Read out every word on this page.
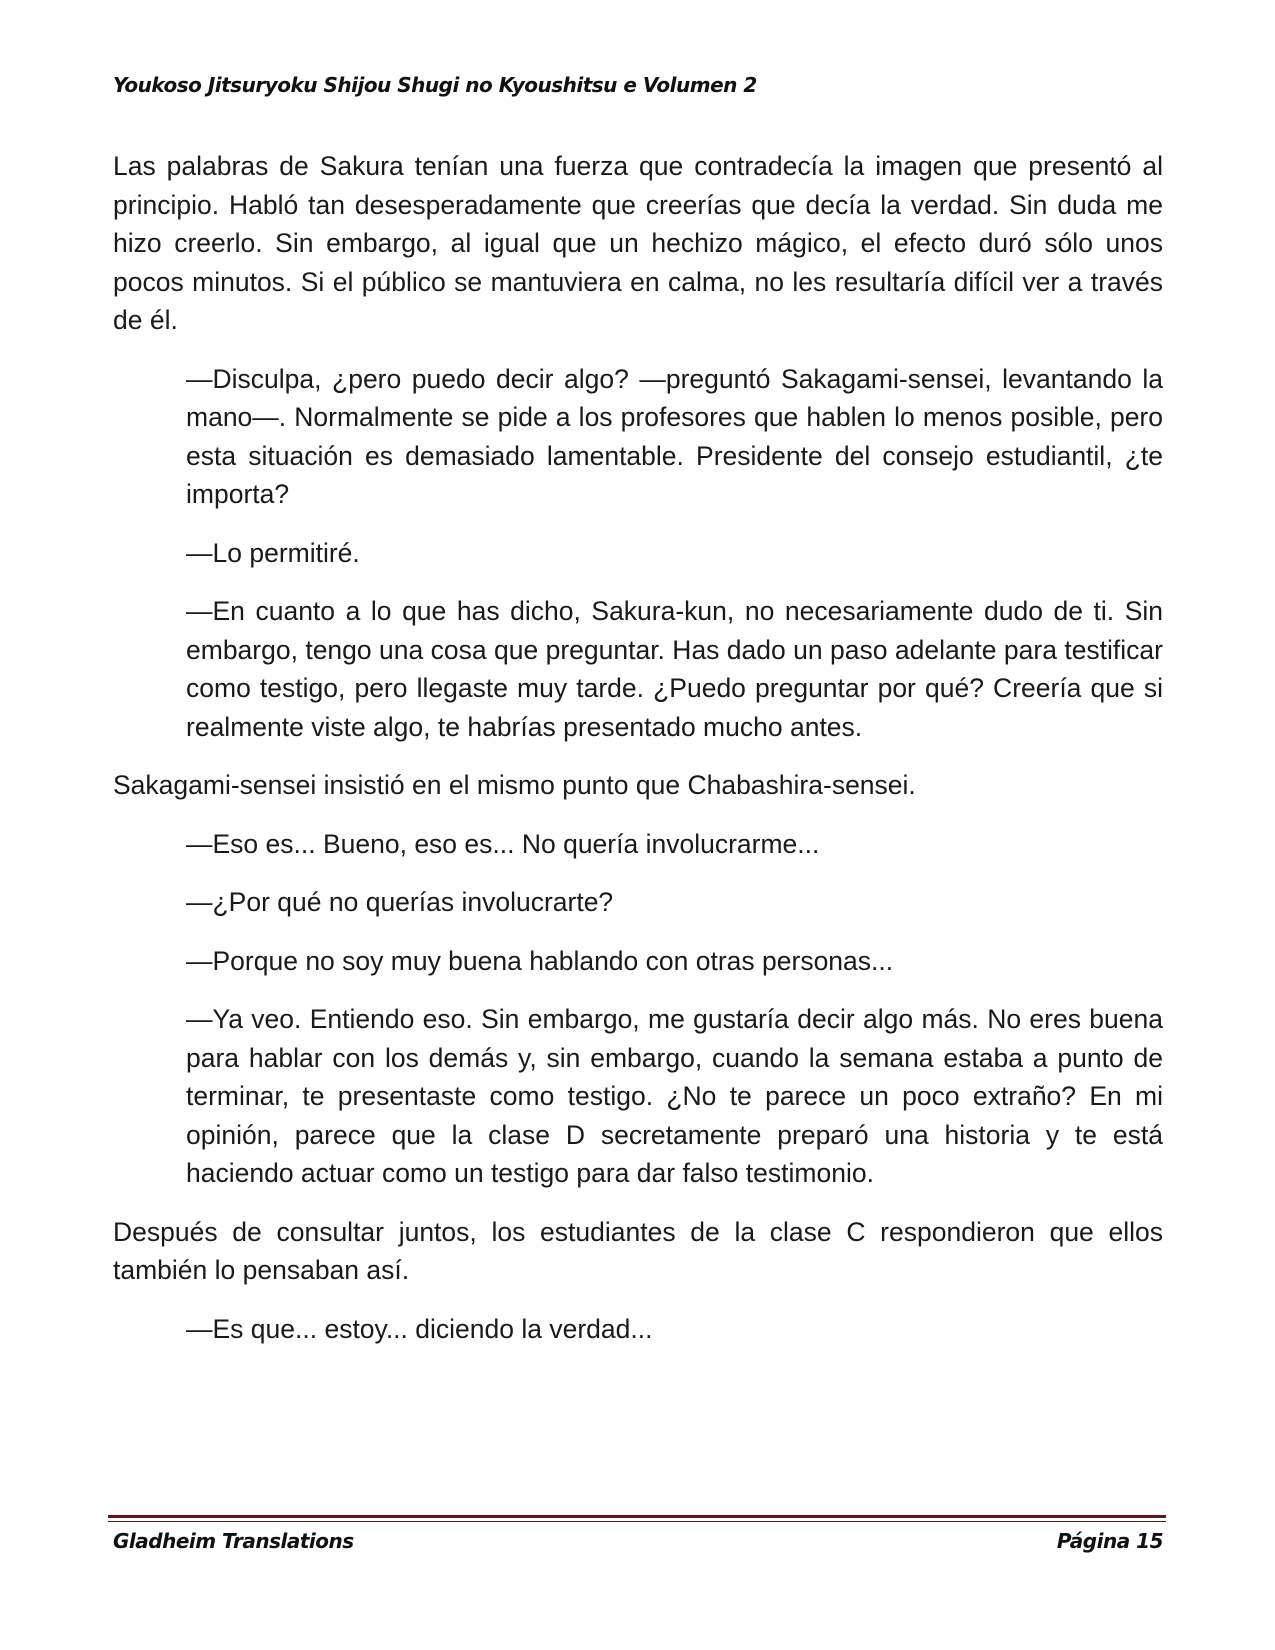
Youkoso Jitsuryoku Shijou Shugi no Kyoushitsu e Volumen 2

Las palabras de Sakura tenían una fuerza que contradecía la imagen que presentó al principio. Habló tan desesperadamente que creerías que decía la verdad. Sin duda me hizo creerlo. Sin embargo, al igual que un hechizo mágico, el efecto duró sólo unos pocos minutos. Si el público se mantuviera en calma, no les resultaría difícil ver a través de él.

—Disculpa, ¿pero puedo decir algo? —preguntó Sakagami-sensei, levantando la mano—. Normalmente se pide a los profesores que hablen lo menos posible, pero esta situación es demasiado lamentable. Presidente del consejo estudiantil, ¿te importa?

—Lo permitiré.

—En cuanto a lo que has dicho, Sakura-kun, no necesariamente dudo de ti. Sin embargo, tengo una cosa que preguntar. Has dado un paso adelante para testificar como testigo, pero llegaste muy tarde. ¿Puedo preguntar por qué? Creería que si realmente viste algo, te habrías presentado mucho antes.

Sakagami-sensei insistió en el mismo punto que Chabashira-sensei.

—Eso es... Bueno, eso es... No quería involucrarme...

—¿Por qué no querías involucrarte?

—Porque no soy muy buena hablando con otras personas...

—Ya veo. Entiendo eso. Sin embargo, me gustaría decir algo más. No eres buena para hablar con los demás y, sin embargo, cuando la semana estaba a punto de terminar, te presentaste como testigo. ¿No te parece un poco extraño? En mi opinión, parece que la clase D secretamente preparó una historia y te está haciendo actuar como un testigo para dar falso testimonio.

Después de consultar juntos, los estudiantes de la clase C respondieron que ellos también lo pensaban así.

—Es que... estoy... diciendo la verdad...

Gladheim Translations	Página 15
